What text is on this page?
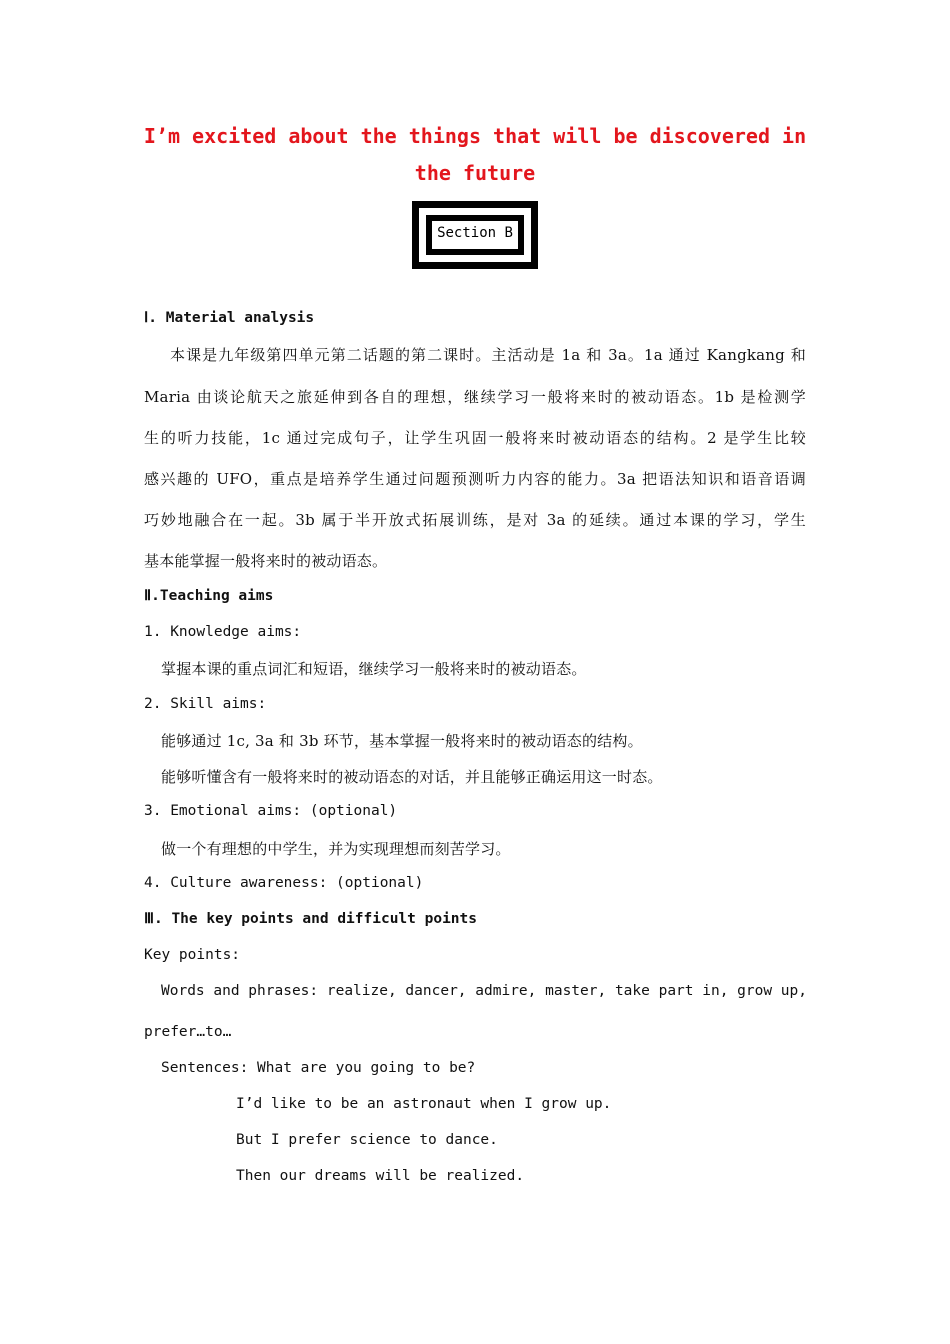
I’m excited about the things that will be discovered in
the future
Section B
Ⅰ. Material analysis
本课是九年级第四单元第二话题的第二课时。主活动是 1a 和 3a。1a 通过 Kangkang 和
Maria 由谈论航天之旅延伸到各自的理想，继续学习一般将来时的被动语态。1b 是检测学
生的听力技能，1c 通过完成句子，让学生巩固一般将来时被动语态的结构。2 是学生比较
感兴趣的 UFO，重点是培养学生通过问题预测听力内容的能力。3a 把语法知识和语音语调
巧妙地融合在一起。3b 属于半开放式拓展训练，是对 3a 的延续。通过本课的学习，学生
基本能掌握一般将来时的被动语态。
Ⅱ.Teaching aims
1. Knowledge aims:
掌握本课的重点词汇和短语，继续学习一般将来时的被动语态。
2. Skill aims:
能够通过 1c, 3a 和 3b 环节，基本掌握一般将来时的被动语态的结构。
能够听懂含有一般将来时的被动语态的对话，并且能够正确运用这一时态。
3. Emotional aims: (optional)
做一个有理想的中学生，并为实现理想而刻苦学习。
4. Culture awareness: (optional)
Ⅲ. The key points and difficult points
Key points:
Words and phrases: realize, dancer, admire, master, take part in, grow up,
prefer…to…
Sentences: What are you going to be?
I’d like to be an astronaut when I grow up.
But I prefer science to dance.
Then our dreams will be realized.
